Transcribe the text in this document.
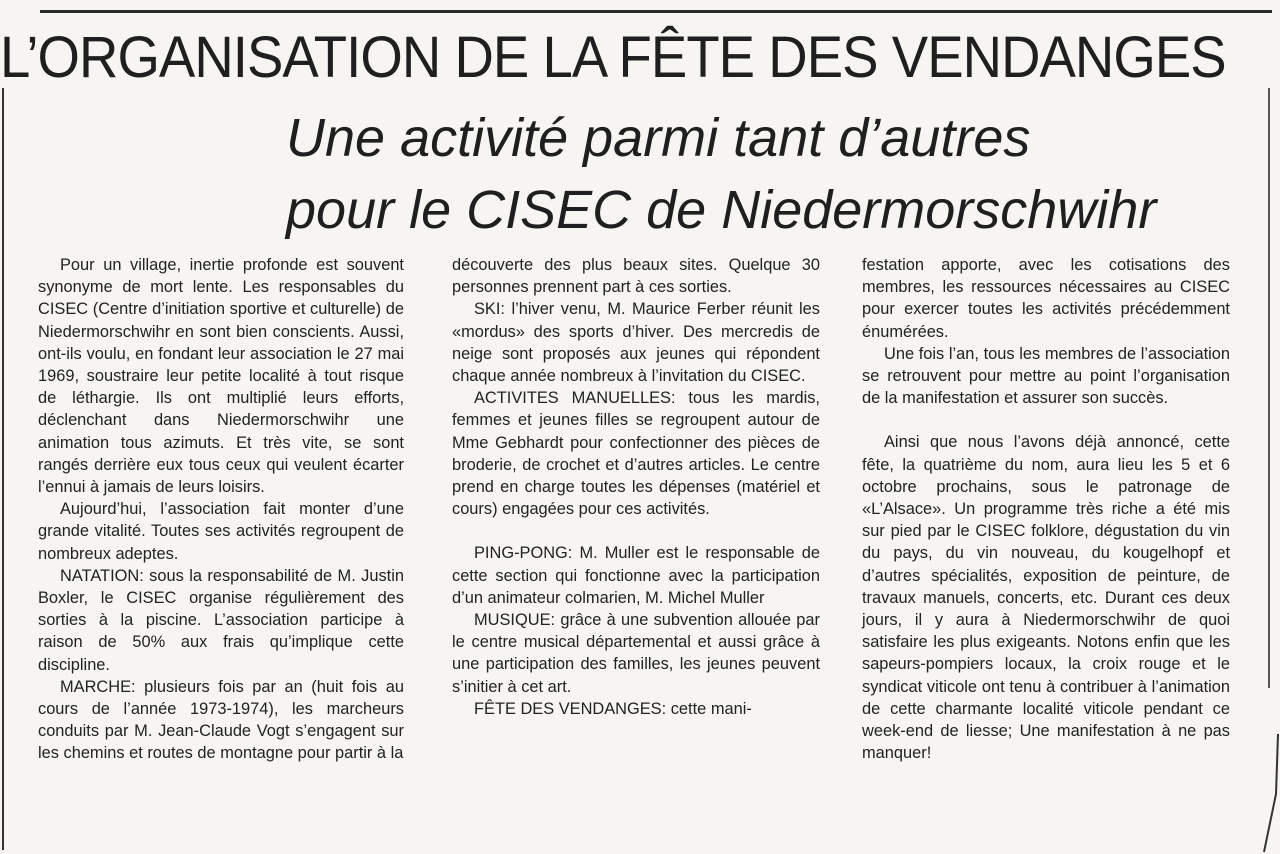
L’ORGANISATION DE LA FÊTE DES VENDANGES
Une activité parmi tant d’autres
pour le CISEC de Niedermorschwihr

Pour un village, inertie profonde est souvent synonyme de mort lente. Les responsables du CISEC (Centre d’initiation sportive et culturelle) de Niedermorschwihr en sont bien conscients. Aussi, ont-ils voulu, en fondant leur association le 27 mai 1969, soustraire leur petite localité à tout risque de léthargie. Ils ont multiplié leurs efforts, déclenchant dans Niedermorschwihr une animation tous azimuts. Et très vite, se sont rangés derrière eux tous ceux qui veulent écarter l’ennui à jamais de leurs loisirs.

Aujourd’hui, l’association fait monter d’une grande vitalité. Toutes ses activités regroupent de nombreux adeptes.

NATATION: sous la responsabilité de M. Justin Boxler, le CISEC organise régulièrement des sorties à la piscine. L’association participe à raison de 50% aux frais qu’implique cette discipline.

MARCHE: plusieurs fois par an (huit fois au cours de l’année 1973-1974), les marcheurs conduits par M. Jean-Claude Vogt s’engagent sur les chemins et routes de montagne pour partir à la

découverte des plus beaux sites. Quelque 30 personnes prennent part à ces sorties.

SKI: l’hiver venu, M. Maurice Ferber réunit les «mordus» des sports d’hiver. Des mercredis de neige sont proposés aux jeunes qui répondent chaque année nombreux à l’invitation du CISEC.

ACTIVITES MANUELLES: tous les mardis, femmes et jeunes filles se regroupent autour de Mme Gebhardt pour confectionner des pièces de broderie, de crochet et d’autres articles. Le centre prend en charge toutes les dépenses (matériel et cours) engagées pour ces activités.

PING-PONG: M. Muller est le responsable de cette section qui fonctionne avec la participation d’un animateur colmarien, M. Michel Muller

MUSIQUE: grâce à une subvention allouée par le centre musical départemental et aussi grâce à une participation des familles, les jeunes peuvent s’initier à cet art.

FÊTE DES VENDANGES: cette mani-

festation apporte, avec les cotisations des membres, les ressources nécessaires au CISEC pour exercer toutes les activités précédemment énumérées.

Une fois l’an, tous les membres de l’association se retrouvent pour mettre au point l’organisation de la manifestation et assurer son succès.

Ainsi que nous l’avons déjà annoncé, cette fête, la quatrième du nom, aura lieu les 5 et 6 octobre prochains, sous le patronage de «L’Alsace». Un programme très riche a été mis sur pied par le CISEC folklore, dégustation du vin du pays, du vin nouveau, du kougelhopf et d’autres spécialités, exposition de peinture, de travaux manuels, concerts, etc. Durant ces deux jours, il y aura à Niedermorschwihr de quoi satisfaire les plus exigeants. Notons enfin que les sapeurs-pompiers locaux, la croix rouge et le syndicat viticole ont tenu à contribuer à l’animation de cette charmante localité viticole pendant ce week-end de liesse; Une manifestation à ne pas manquer!
